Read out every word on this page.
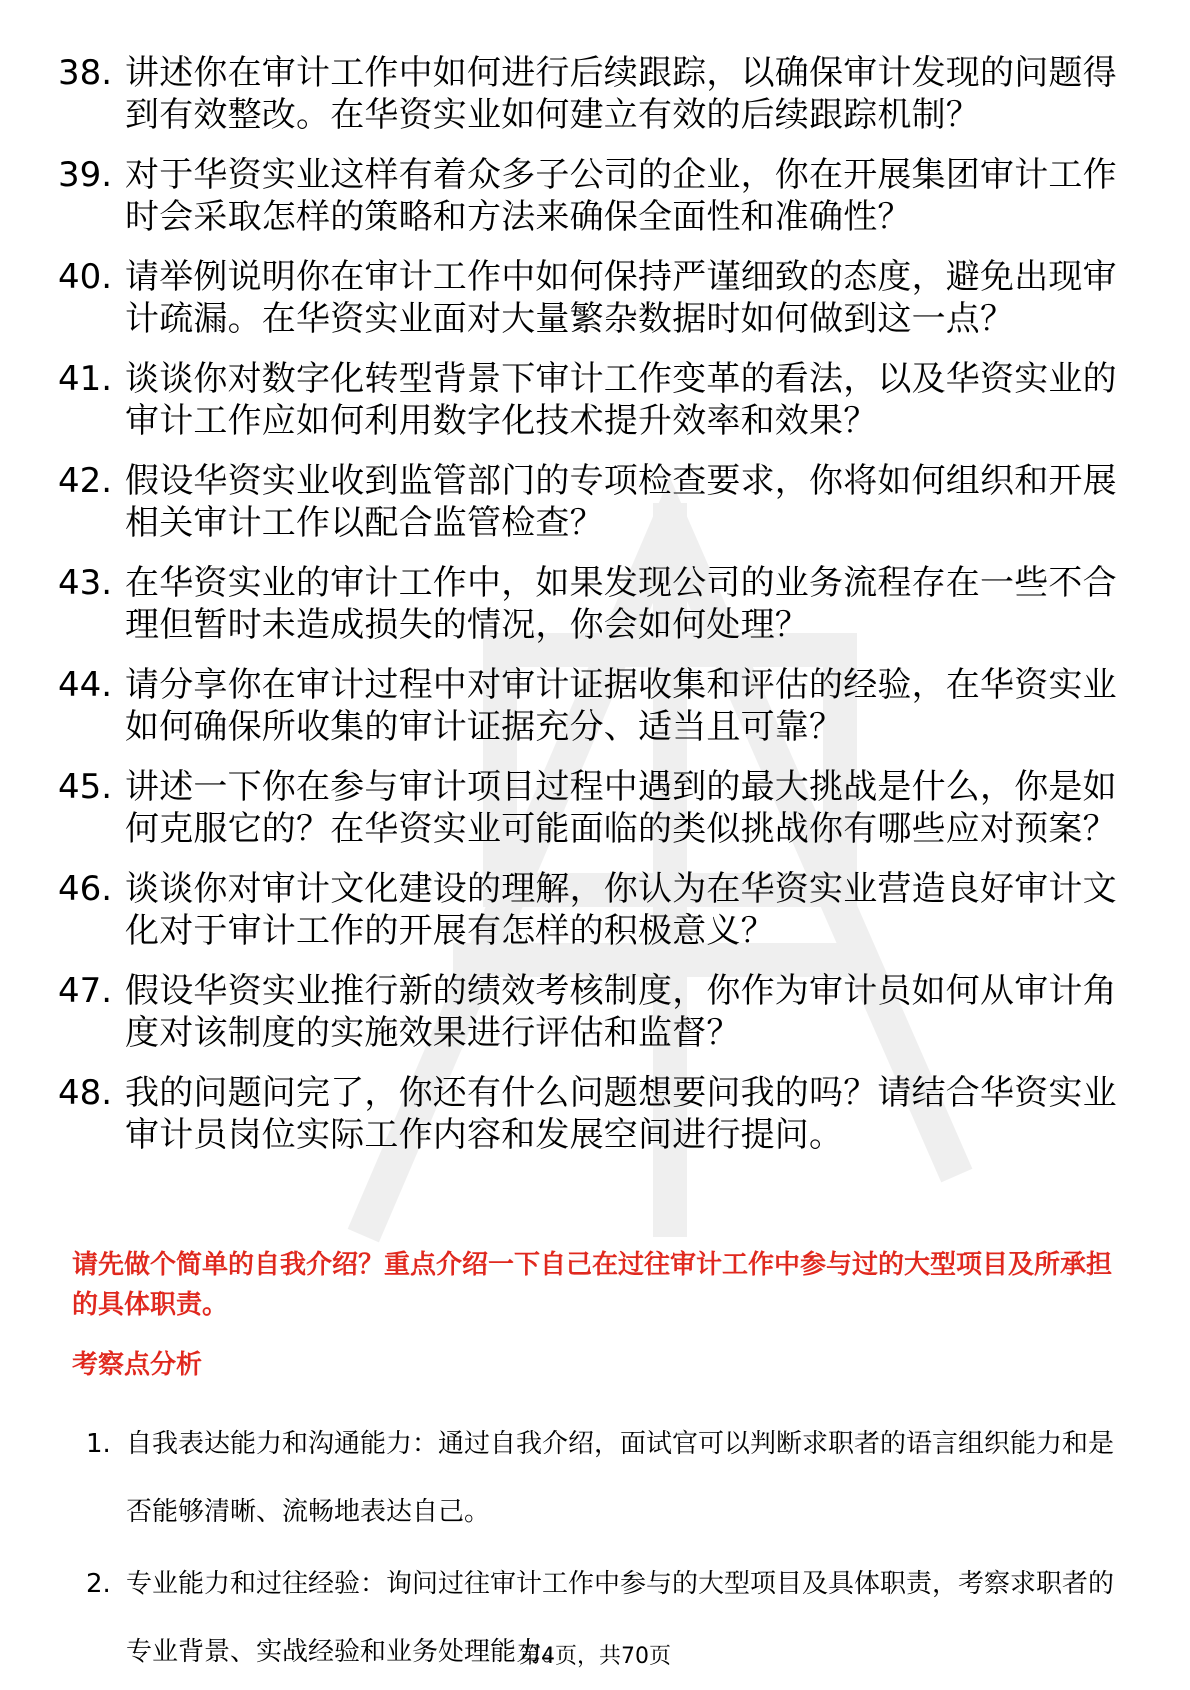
38. 讲述你在审计工作中如何进行后续跟踪，以确保审计发现的问题得到有效整改。在华资实业如何建立有效的后续跟踪机制？
39. 对于华资实业这样有着众多子公司的企业，你在开展集团审计工作时会采取怎样的策略和方法来确保全面性和准确性？
40. 请举例说明你在审计工作中如何保持严谨细致的态度，避免出现审计疏漏。在华资实业面对大量繁杂数据时如何做到这一点？
41. 谈谈你对数字化转型背景下审计工作变革的看法，以及华资实业的审计工作应如何利用数字化技术提升效率和效果？
42. 假设华资实业收到监管部门的专项检查要求，你将如何组织和开展相关审计工作以配合监管检查？
43. 在华资实业的审计工作中，如果发现公司的业务流程存在一些不合理但暂时未造成损失的情况，你会如何处理？
44. 请分享你在审计过程中对审计证据收集和评估的经验，在华资实业如何确保所收集的审计证据充分、适当且可靠？
45. 讲述一下你在参与审计项目过程中遇到的最大挑战是什么，你是如何克服它的？在华资实业可能面临的类似挑战你有哪些应对预案？
46. 谈谈你对审计文化建设的理解，你认为在华资实业营造良好审计文化对于审计工作的开展有怎样的积极意义？
47. 假设华资实业推行新的绩效考核制度，你作为审计员如何从审计角度对该制度的实施效果进行评估和监督？
48. 我的问题问完了，你还有什么问题想要问我的吗？请结合华资实业审计员岗位实际工作内容和发展空间进行提问。
请先做个简单的自我介绍？重点介绍一下自己在过往审计工作中参与过的大型项目及所承担的具体职责。
考察点分析
1. 自我表达能力和沟通能力：通过自我介绍，面试官可以判断求职者的语言组织能力和是否能够清晰、流畅地表达自己。
2. 专业能力和过往经验：询问过往审计工作中参与的大型项目及具体职责，考察求职者的专业背景、实战经验和业务处理能力。
第4页，共70页
